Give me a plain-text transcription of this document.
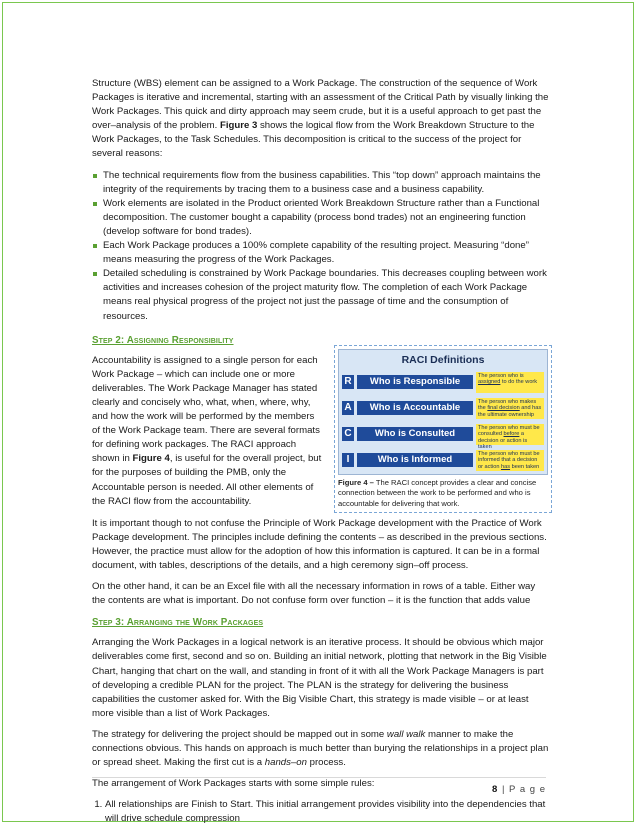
Structure (WBS) element can be assigned to a Work Package. The construction of the sequence of Work Packages is iterative and incremental, starting with an assessment of the Critical Path by visually linking the Work Packages. This quick and dirty approach may seem crude, but it is a useful approach to get past the over–analysis of the problem. Figure 3 shows the logical flow from the Work Breakdown Structure to the Work Packages, to the Task Schedules. This decomposition is critical to the success of the project for several reasons:

The technical requirements flow from the business capabilities. This “top down” approach maintains the integrity of the requirements by tracing them to a business case and a business capability.
Work elements are isolated in the Product oriented Work Breakdown Structure rather than a Functional decomposition. The customer bought a capability (process bond trades) not an engineering function (develop software for bond trades).
Each Work Package produces a 100% complete capability of the resulting project. Measuring “done” means measuring the progress of the Work Packages.
Detailed scheduling is constrained by Work Package boundaries. This decreases coupling between work activities and increases cohesion of the project maturity flow. The completion of each Work Package means real physical progress of the project not just the passage of time and the consumption of resources.
Step 2: Assigning Responsibility
Accountability is assigned to a single person for each Work Package – which can include one or more deliverables. The Work Package Manager has stated clearly and concisely who, what, when, where, why, and how the work will be performed by the members of the Work Package team. There are several formats for defining work packages. The RACI approach shown in Figure 4, is useful for the overall project, but for the purposes of building the PMB, only the Accountable person is needed. All other elements of the RACI flow from the accountability.
RACI Definitions
R	Who is Responsible
The person who is assigned to do the work
A	Who is Accountable
The person who makes the final decision and has the ultimate ownership
C	Who is Consulted
The person who must be consulted before a decision or action is taken
I	Who is Informed
The person who must be informed that a decision or action has been taken
Figure 4 – The RACI concept provides a clear and concise connection between the work to be performed and who is accountable for delivering that work.

It is important though to not confuse the Principle of Work Package development with the Practice of Work Package development. The principles include defining the contents – as described in the previous sections. However, the practice must allow for the adoption of how this information is captured. It can be in a formal document, with tables, descriptions of the details, and a high ceremony sign–off process.

On the other hand, it can be an Excel file with all the necessary information in rows of a table. Either way the contents are what is important. Do not confuse form over function – it is the function that adds value

Step 3: Arranging the Work Packages

Arranging the Work Packages in a logical network is an iterative process. It should be obvious which major deliverables come first, second and so on. Building an initial network, plotting that network in the Big Visible Chart, hanging that chart on the wall, and standing in front of it with all the Work Package Managers is part of developing a credible PLAN for the project. The PLAN is the strategy for delivering the business capabilities the customer asked for. With the Big Visible Chart, this strategy is made visible – or at least more visible than a list of Work Packages.

The strategy for delivering the project should be mapped out in some wall walk manner to make the connections obvious. This hands on approach is much better than burying the relationships in a project plan or spread sheet. Making the first cut is a hands–on process.

The arrangement of Work Packages starts with some simple rules:

1. All relationships are Finish to Start. This initial arrangement provides visibility into the dependencies that will drive schedule compression
8 | P a g e
